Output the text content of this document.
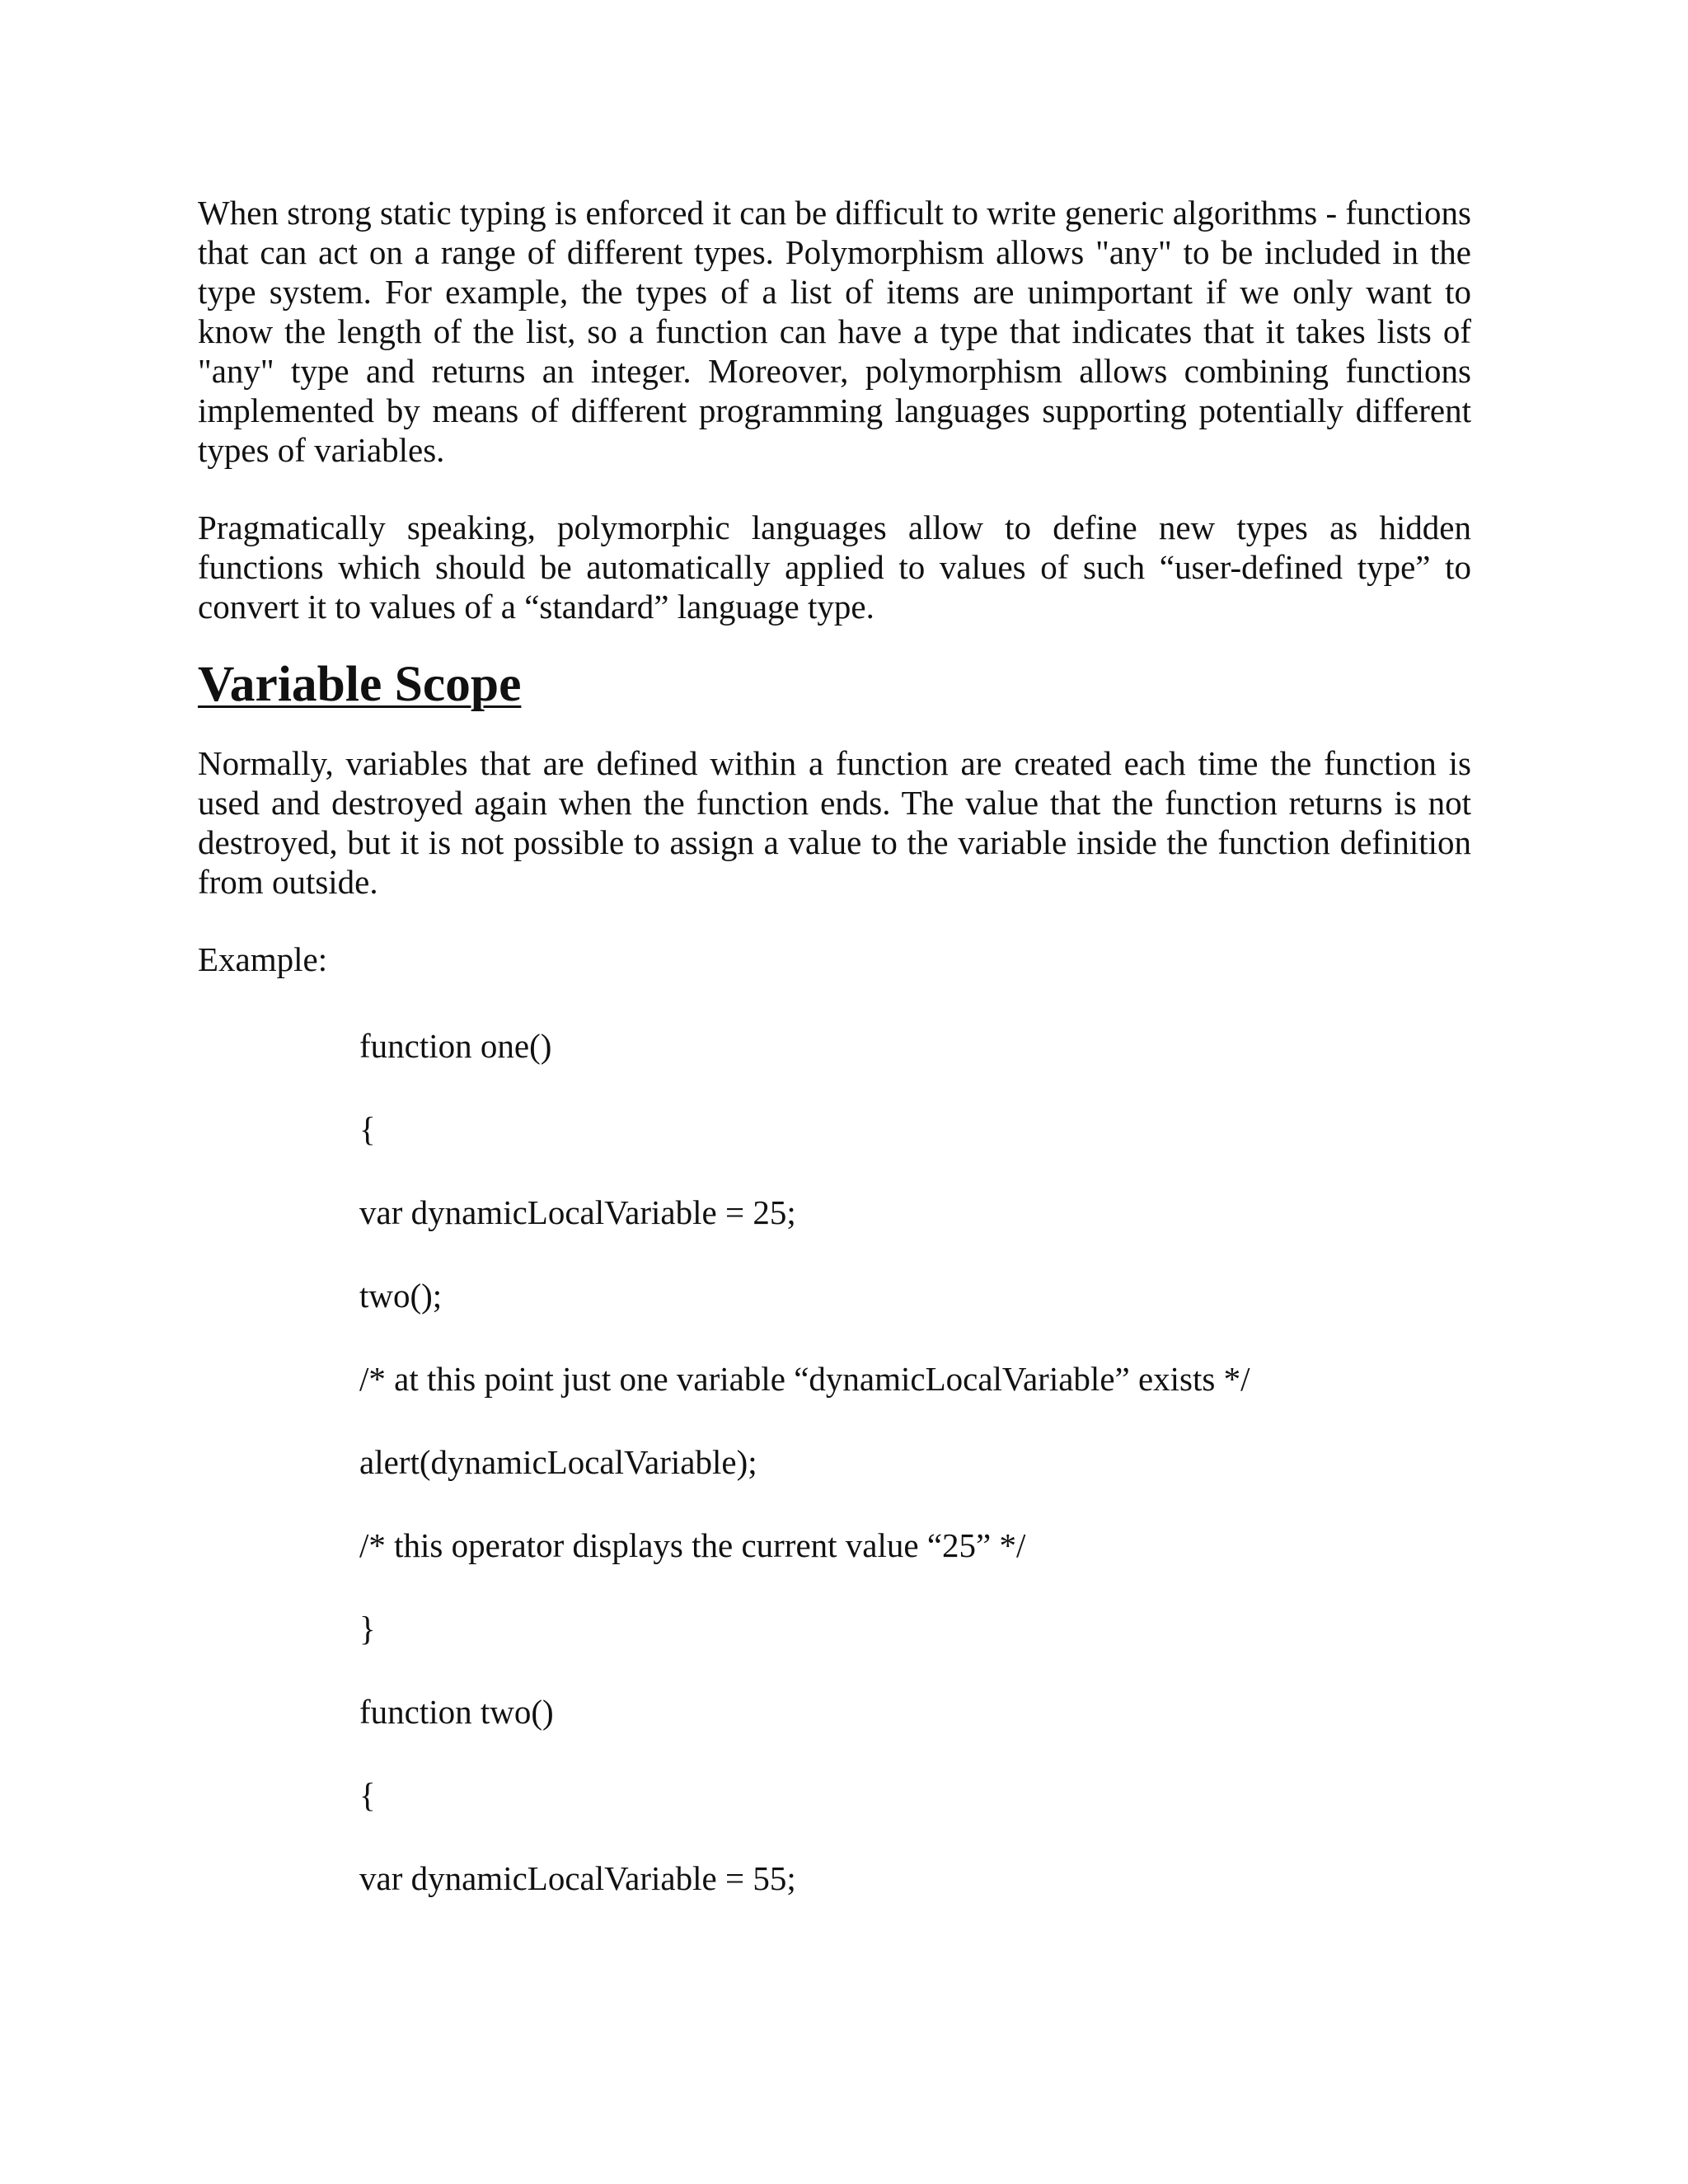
When strong static typing is enforced it can be difficult to write generic algorithms - functions that can act on a range of different types. Polymorphism allows "any" to be included in the type system. For example, the types of a list of items are unimportant if we only want to know the length of the list, so a function can have a type that indicates that it takes lists of "any" type and returns an integer. Moreover, polymorphism allows combining functions implemented by means of different programming languages supporting potentially different types of variables.

Pragmatically speaking, polymorphic languages allow to define new types as hidden functions which should be automatically applied to values of such “user-defined type” to convert it to values of a “standard” language type.

Variable Scope

Normally, variables that are defined within a function are created each time the function is used and destroyed again when the function ends. The value that the function returns is not destroyed, but it is not possible to assign a value to the variable inside the function definition from outside.

Example:

function one()
{
var dynamicLocalVariable = 25;
two();
/* at this point just one variable “dynamicLocalVariable” exists */
alert(dynamicLocalVariable);
/* this operator displays the current value “25” */
}
function two()
{
var dynamicLocalVariable = 55;
